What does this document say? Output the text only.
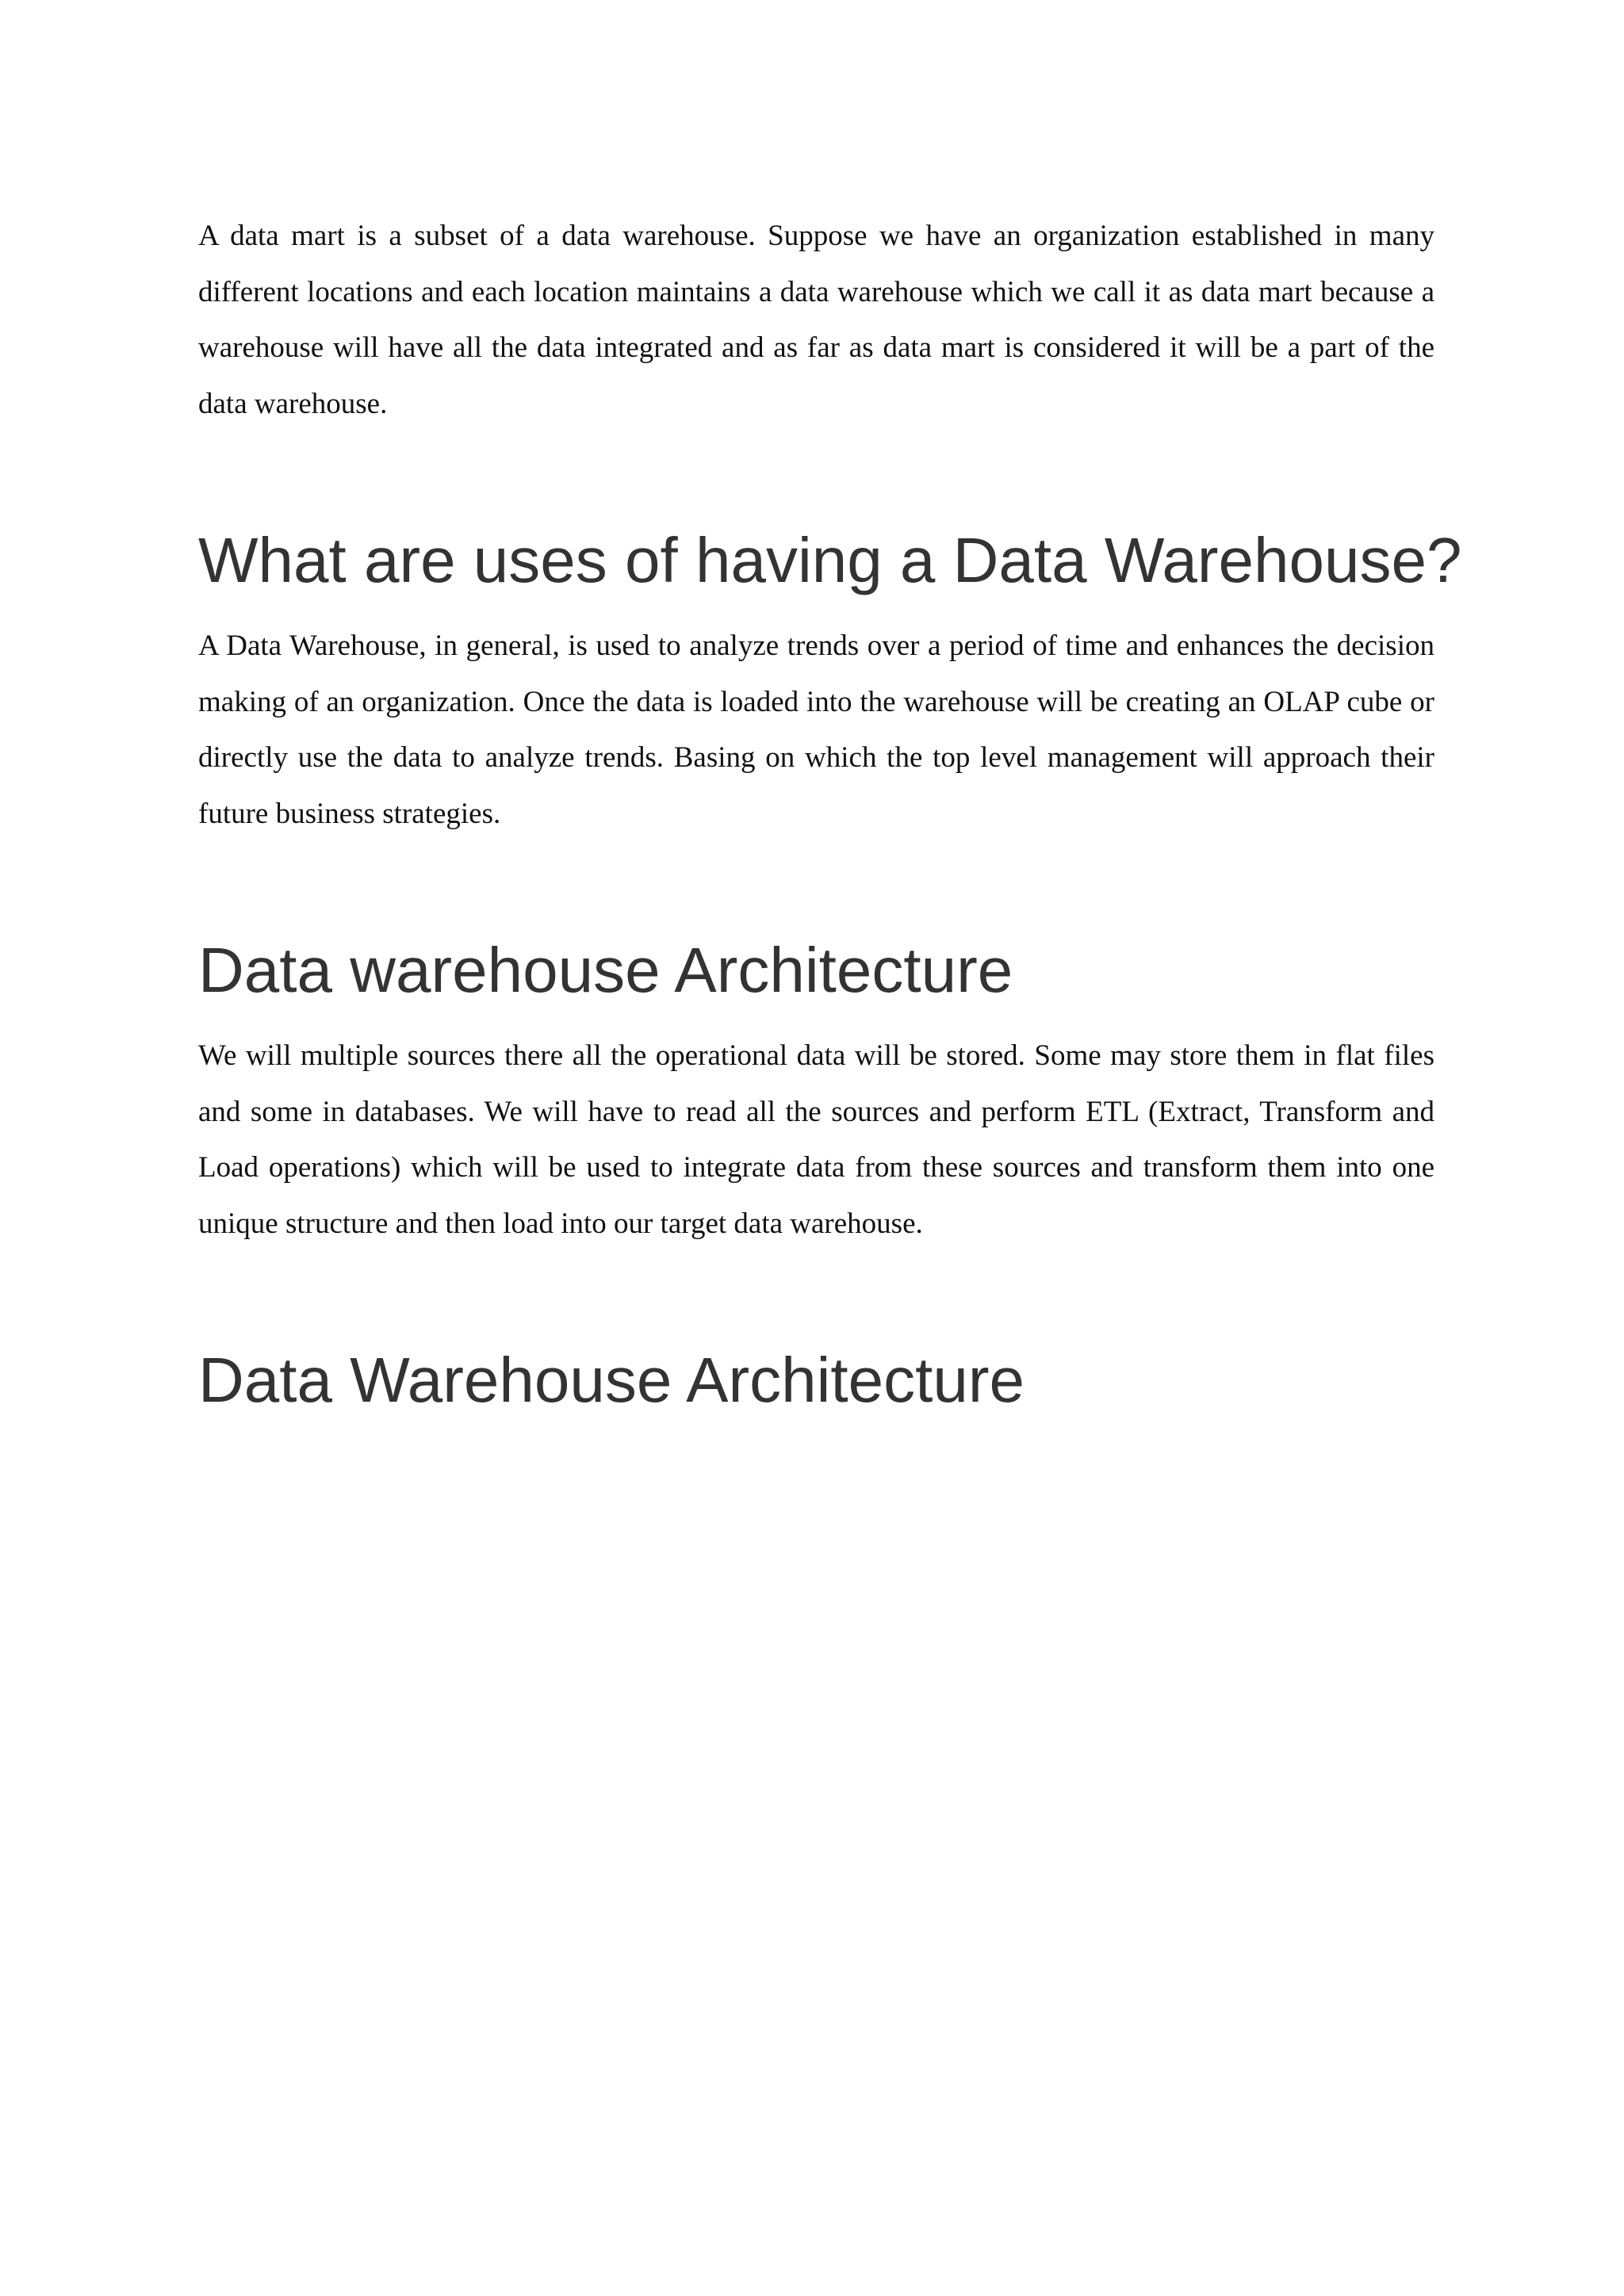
A data mart is a subset of a data warehouse. Suppose we have an organization established in many different locations and each location maintains a data warehouse which we call it as data mart because a warehouse will have all the data integrated and as far as data mart is considered it will be a part of the data warehouse.

What are uses of having a Data Warehouse?

A Data Warehouse, in general, is used to analyze trends over a period of time and enhances the decision making of an organization. Once the data is loaded into the warehouse will be creating an OLAP cube or directly use the data to analyze trends. Basing on which the top level management will approach their future business strategies.

Data warehouse Architecture

We will multiple sources there all the operational data will be stored. Some may store them in flat files and some in databases. We will have to read all the sources and perform ETL (Extract, Transform and Load operations) which will be used to integrate data from these sources and transform them into one unique structure and then load into our target data warehouse.

Data Warehouse Architecture
